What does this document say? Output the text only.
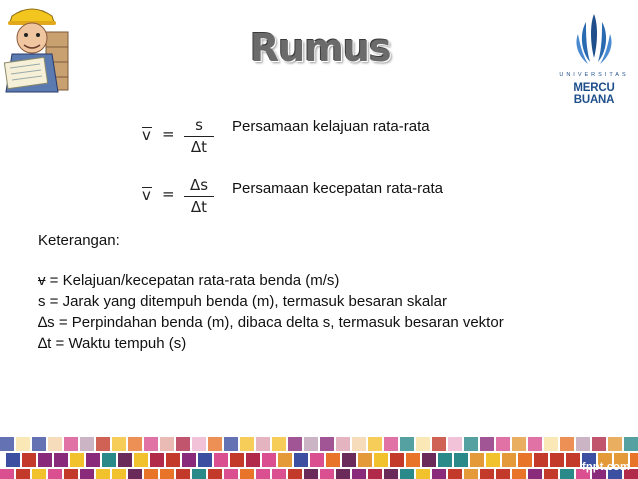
Rumus
UNIVERSITAS
MERCU BUANA
v =	s
Δt
Persamaan kelajuan rata-rata
v =	Δs
Δt
Persamaan kecepatan rata-rata
Keterangan:
v = Kelajuan/kecepatan rata-rata benda (m/s)
s = Jarak yang ditempuh benda (m), termasuk besaran skalar
∆s = Perpindahan benda (m), dibaca delta s, termasuk besaran vektor
∆t = Waktu tempuh (s)
fppt.com
